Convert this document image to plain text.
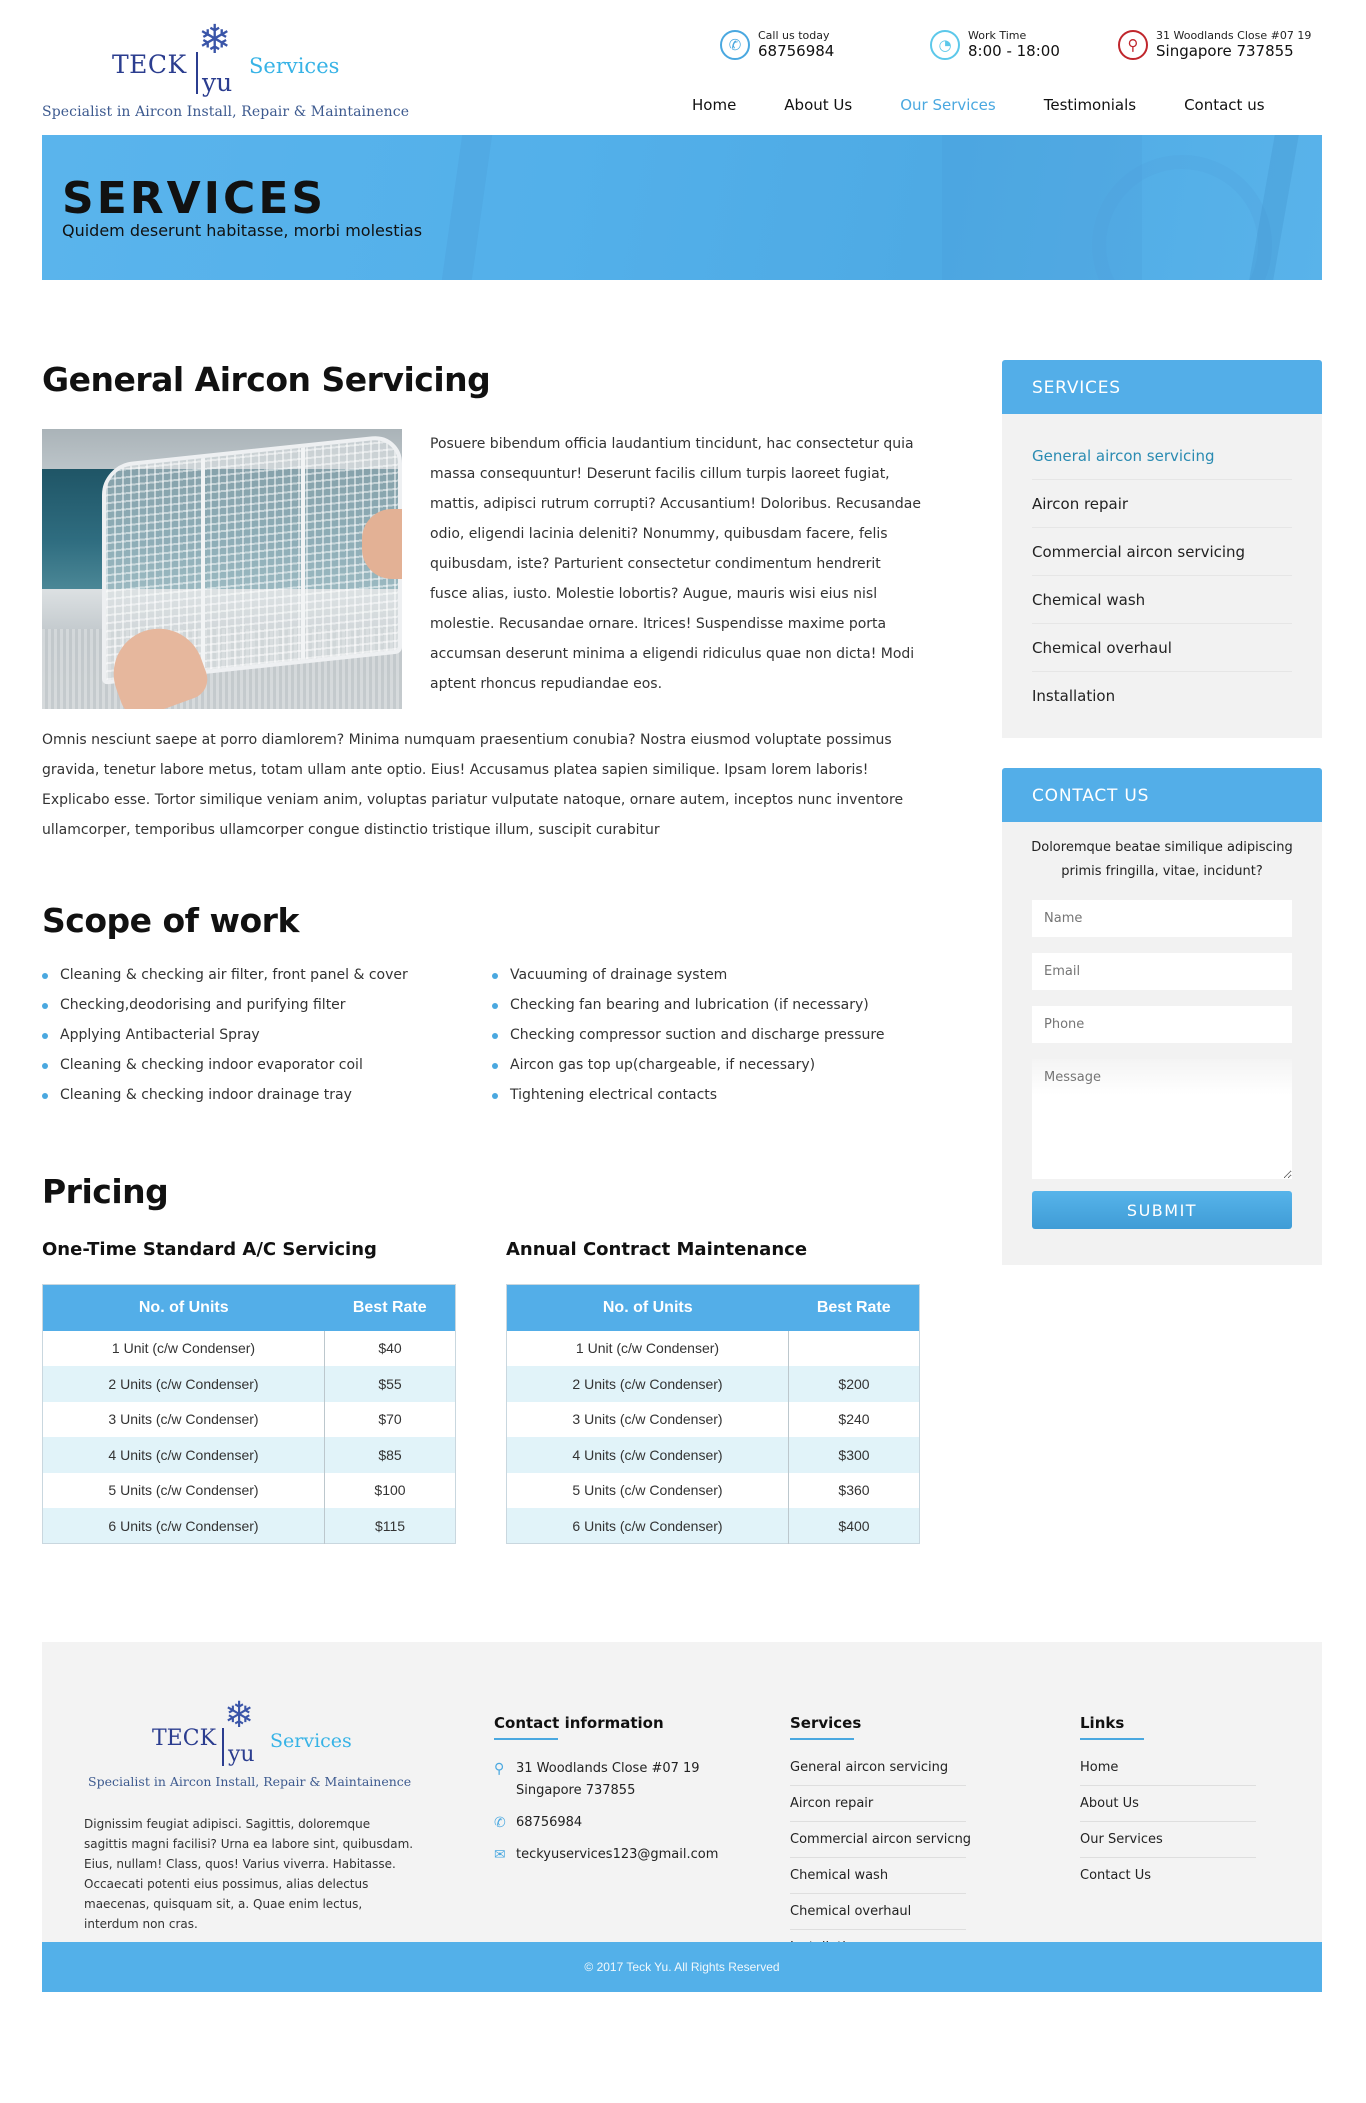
❄
TECK
yu
Services
Specialist in Aircon Install, Repair & Maintainence
✆
Call us today
68756984	◔
Work Time
8:00 - 18:00	⚲
31 Woodlands Close #07 19
Singapore 737855
Home	About Us	Our Services	Testimonials	Contact us
SERVICES
Quidem deserunt habitasse, morbi molestias
General Aircon Servicing

Posuere bibendum officia laudantium tincidunt, hac consectetur quia massa consequuntur! Deserunt facilis cillum turpis laoreet fugiat, mattis, adipisci rutrum corrupti? Accusantium! Doloribus. Recusandae odio, eligendi lacinia deleniti? Nonummy, quibusdam facere, felis quibusdam, iste? Parturient consectetur condimentum hendrerit fusce alias, iusto. Molestie lobortis? Augue, mauris wisi eius nisl molestie. Recusandae ornare. Itrices! Suspendisse maxime porta accumsan deserunt minima a eligendi ridiculus quae non dicta! Modi aptent rhoncus repudiandae eos.

Omnis nesciunt saepe at porro diamlorem? Minima numquam praesentium conubia? Nostra eiusmod voluptate possimus gravida, tenetur labore metus, totam ullam ante optio. Eius! Accusamus platea sapien similique. Ipsam lorem laboris! Explicabo esse. Tortor similique veniam anim, voluptas pariatur vulputate natoque, ornare autem, inceptos nunc inventore ullamcorper, temporibus ullamcorper congue distinctio tristique illum, suscipit curabitur

Scope of work
Cleaning & checking air filter, front panel & cover
Checking,deodorising and purifying filter
Applying Antibacterial Spray
Cleaning & checking indoor evaporator coil
Cleaning & checking indoor drainage tray
Vacuuming of drainage system
Checking fan bearing and lubrication (if necessary)
Checking compressor suction and discharge pressure
Aircon gas top up(chargeable, if necessary)
Tightening electrical contacts
Pricing
One-Time Standard A/C Servicing
No. of Units	Best Rate
1 Unit (c/w Condenser)	$40
2 Units (c/w Condenser)	$55
3 Units (c/w Condenser)	$70
4 Units (c/w Condenser)	$85
5 Units (c/w Condenser)	$100
6 Units (c/w Condenser)	$115
Annual Contract Maintenance
No. of Units	Best Rate
1 Unit (c/w Condenser)	
2 Units (c/w Condenser)	$200
3 Units (c/w Condenser)	$240
4 Units (c/w Condenser)	$300
5 Units (c/w Condenser)	$360
6 Units (c/w Condenser)	$400
SERVICES
General aircon servicing
Aircon repair
Commercial aircon servicing
Chemical wash
Chemical overhaul
Installation
CONTACT US

Doloremque beatae similique adipiscing primis fringilla, vitae, incidunt?

Name
Email
Phone
Message
SUBMIT
❄
TECK
yu
Services
Specialist in Aircon Install, Repair & Maintainence

Dignissim feugiat adipisci. Sagittis, doloremque sagittis magni facilisi? Urna ea labore sint, quibusdam. Eius, nullam! Class, quos! Varius viverra. Habitasse. Occaecati potenti eius possimus, alias delectus maecenas, quisquam sit, a. Quae enim lectus, interdum non cras.

Contact information
⚲ 31 Woodlands Close #07 19
Singapore 737855
✆ 68756984
✉ teckyuservices123@gmail.com
Services
General aircon servicing
Aircon repair
Commercial aircon servicng
Chemical wash
Chemical overhaul
Links
Home
About Us
Our Services
Contact Us
© 2017 Teck Yu. All Rights Reserved
